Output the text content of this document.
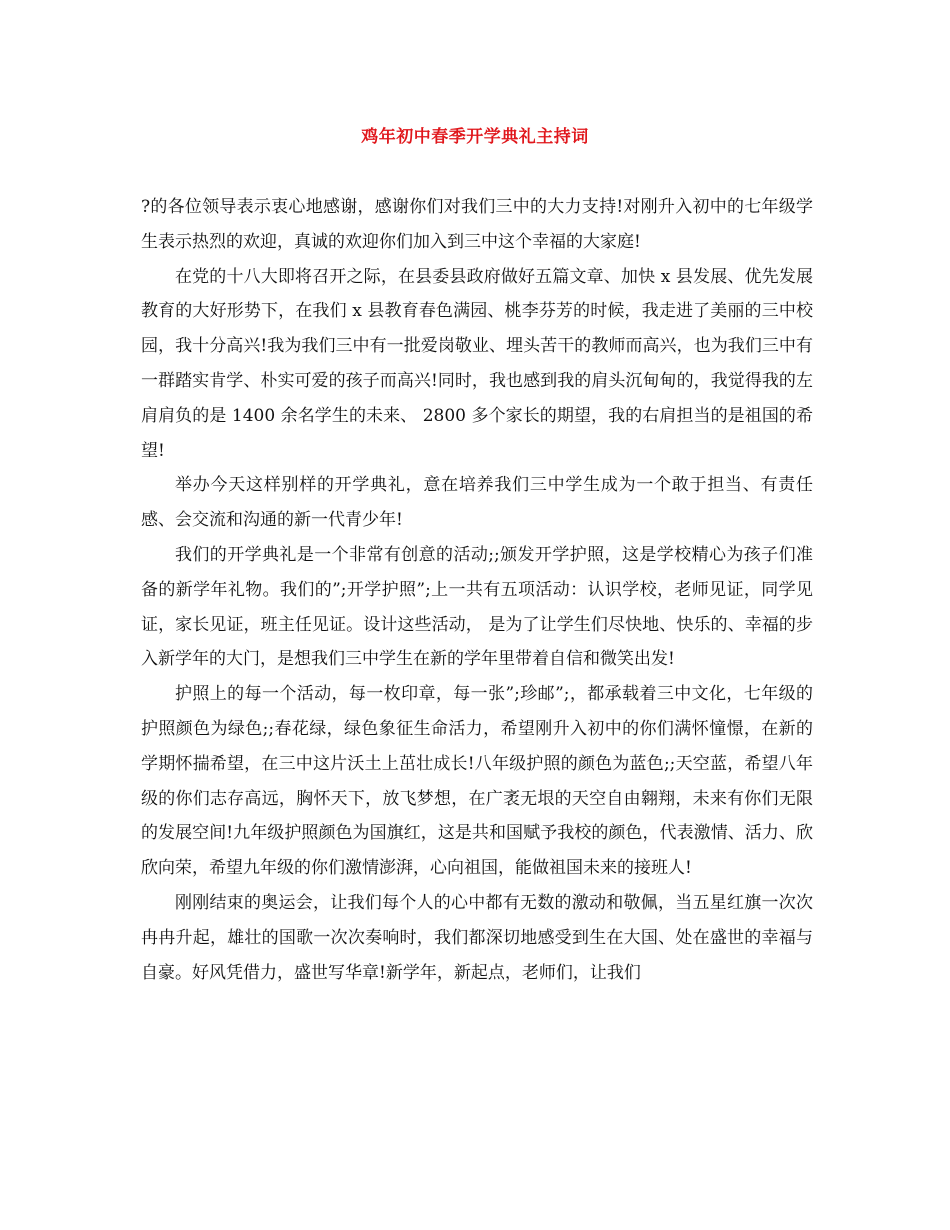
鸡年初中春季开学典礼主持词

?的各位领导表示衷心地感谢，感谢你们对我们三中的大力支持!对刚升入初中的七年级学生表示热烈的欢迎，真诚的欢迎你们加入到三中这个幸福的大家庭!

在党的十八大即将召开之际，在县委县政府做好五篇文章、加快 x 县发展、优先发展教育的大好形势下，在我们 x 县教育春色满园、桃李芬芳的时候，我走进了美丽的三中校园，我十分高兴!我为我们三中有一批爱岗敬业、埋头苦干的教师而高兴，也为我们三中有一群踏实肯学、朴实可爱的孩子而高兴!同时，我也感到我的肩头沉甸甸的，我觉得我的左肩肩负的是 1400 余名学生的未来、 2800 多个家长的期望，我的右肩担当的是祖国的希望!

举办今天这样别样的开学典礼，意在培养我们三中学生成为一个敢于担当、有责任感、会交流和沟通的新一代青少年!

我们的开学典礼是一个非常有创意的活动;;颁发开学护照，这是学校精心为孩子们准备的新学年礼物。我们的”;开学护照”;上一共有五项活动：认识学校，老师见证，同学见证，家长见证，班主任见证。设计这些活动， 是为了让学生们尽快地、快乐的、幸福的步入新学年的大门，是想我们三中学生在新的学年里带着自信和微笑出发!

护照上的每一个活动，每一枚印章，每一张”;珍邮”;，都承载着三中文化，七年级的护照颜色为绿色;;春花绿，绿色象征生命活力，希望刚升入初中的你们满怀憧憬，在新的学期怀揣希望，在三中这片沃土上茁壮成长!八年级护照的颜色为蓝色;;天空蓝，希望八年级的你们志存高远，胸怀天下，放飞梦想，在广袤无垠的天空自由翱翔，未来有你们无限的发展空间!九年级护照颜色为国旗红，这是共和国赋予我校的颜色，代表激情、活力、欣欣向荣，希望九年级的你们激情澎湃，心向祖国，能做祖国未来的接班人!

刚刚结束的奥运会，让我们每个人的心中都有无数的激动和敬佩，当五星红旗一次次冉冉升起，雄壮的国歌一次次奏响时，我们都深切地感受到生在大国、处在盛世的幸福与自豪。好风凭借力，盛世写华章!新学年，新起点，老师们，让我们
